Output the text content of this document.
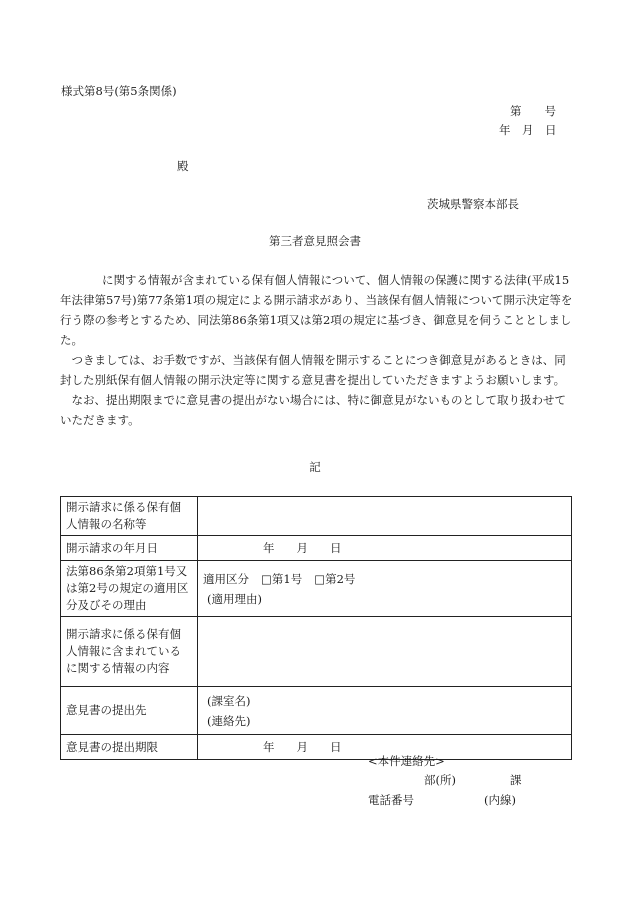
様式第8号(第5条関係)
第　　号
年　月　日
殿
茨城県警察本部長
第三者意見照会書

に関する情報が含まれている保有個人情報について、個人情報の保護に関する法律(平成15年法律第57号)第77条第1項の規定による開示請求があり、当該保有個人情報について開示決定等を行う際の参考とするため、同法第86条第1項又は第2項の規定に基づき、御意見を伺うこととしました。

つきましては、お手数ですが、当該保有個人情報を開示することにつき御意見があるときは、同封した別紙保有個人情報の開示決定等に関する意見書を提出していただきますようお願いします。

なお、提出期限までに意見書の提出がない場合には、特に御意見がないものとして取り扱わせていただきます。

記
開示請求に係る保有個人情報の名称等	
開示請求の年月日	年 月 日
法第86条第2項第1号又は第2号の規定の適用区分及びその理由	適用区分 □第1号 □第2号
(適用理由)

開示請求に係る保有個人情報に含まれている　　　に関する情報の内容	
意見書の提出先	(課室名)
(連絡先)

意見書の提出期限	年 月 日
<本件連絡先>
部(所)	課
電話番号	(内線)
